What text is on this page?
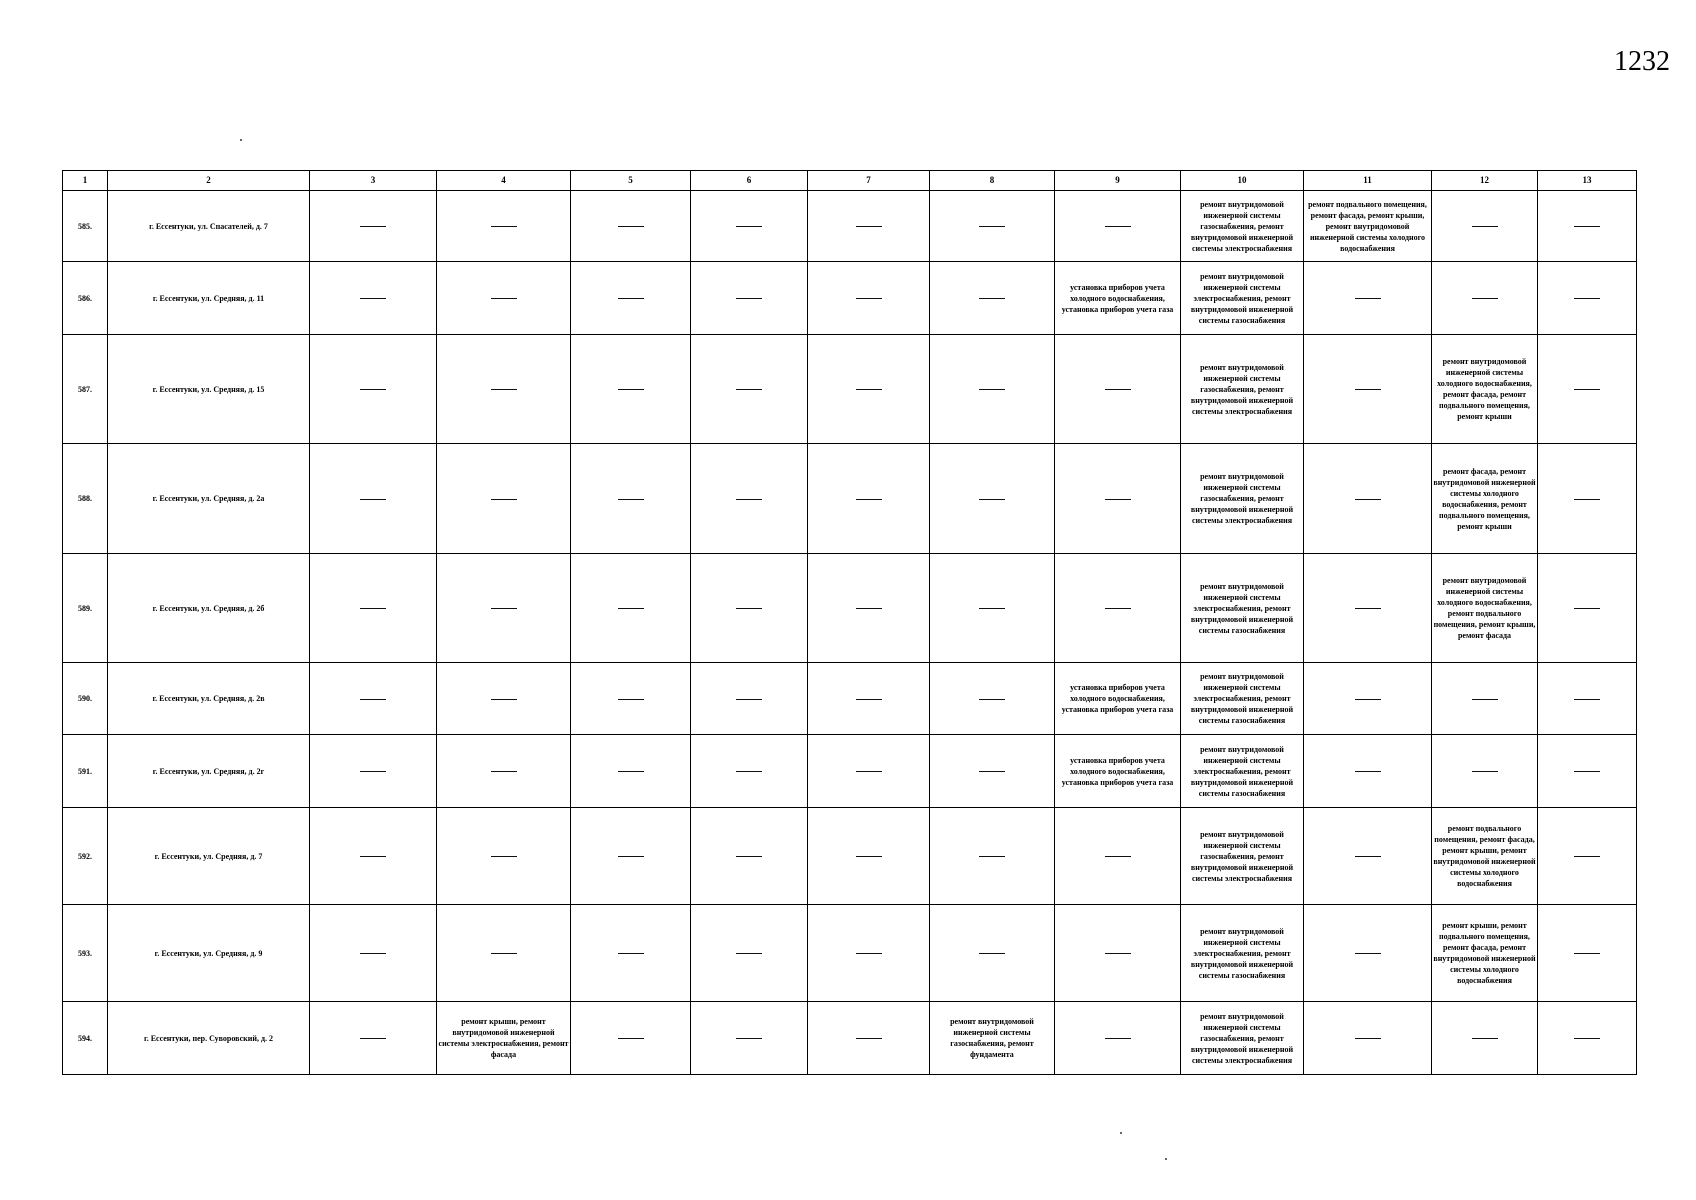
1232
1	2	3	4	5	6	7	8	9	10	11	12	13
585.	г. Ессентуки, ул. Спасателей, д. 7								ремонт внутридомовой инженерной системы газоснабжения, ремонт внутридомовой инженерной системы электроснабжения	ремонт подвального помещения, ремонт фасада, ремонт крыши, ремонт внутридомовой инженерной системы холодного водоснабжения		
586.	г. Ессентуки, ул. Средняя, д. 11							установка приборов учета холодного водоснабжения, установка приборов учета газа	ремонт внутридомовой инженерной системы электроснабжения, ремонт внутридомовой инженерной системы газоснабжения			
587.	г. Ессентуки, ул. Средняя, д. 15								ремонт внутридомовой инженерной системы газоснабжения, ремонт внутридомовой инженерной системы электроснабжения		ремонт внутридомовой инженерной системы холодного водоснабжения, ремонт фасада, ремонт подвального помещения, ремонт крыши	
588.	г. Ессентуки, ул. Средняя, д. 2а								ремонт внутридомовой инженерной системы газоснабжения, ремонт внутридомовой инженерной системы электроснабжения		ремонт фасада, ремонт внутридомовой инженерной системы холодного водоснабжения, ремонт подвального помещения, ремонт крыши	
589.	г. Ессентуки, ул. Средняя, д. 2б								ремонт внутридомовой инженерной системы электроснабжения, ремонт внутридомовой инженерной системы газоснабжения		ремонт внутридомовой инженерной системы холодного водоснабжения, ремонт подвального помещения, ремонт крыши, ремонт фасада	
590.	г. Ессентуки, ул. Средняя, д. 2в							установка приборов учета холодного водоснабжения, установка приборов учета газа	ремонт внутридомовой инженерной системы электроснабжения, ремонт внутридомовой инженерной системы газоснабжения			
591.	г. Ессентуки, ул. Средняя, д. 2г							установка приборов учета холодного водоснабжения, установка приборов учета газа	ремонт внутридомовой инженерной системы электроснабжения, ремонт внутридомовой инженерной системы газоснабжения			
592.	г. Ессентуки, ул. Средняя, д. 7								ремонт внутридомовой инженерной системы газоснабжения, ремонт внутридомовой инженерной системы электроснабжения		ремонт подвального помещения, ремонт фасада, ремонт крыши, ремонт внутридомовой инженерной системы холодного водоснабжения	
593.	г. Ессентуки, ул. Средняя, д. 9								ремонт внутридомовой инженерной системы электроснабжения, ремонт внутридомовой инженерной системы газоснабжения		ремонт крыши, ремонт подвального помещения, ремонт фасада, ремонт внутридомовой инженерной системы холодного водоснабжения	
594.	г. Ессентуки, пер. Суворовский, д. 2		ремонт крыши, ремонт внутридомовой инженерной системы электроснабжения, ремонт фасада				ремонт внутридомовой инженерной системы газоснабжения, ремонт фундамента		ремонт внутридомовой инженерной системы газоснабжения, ремонт внутридомовой инженерной системы электроснабжения			
